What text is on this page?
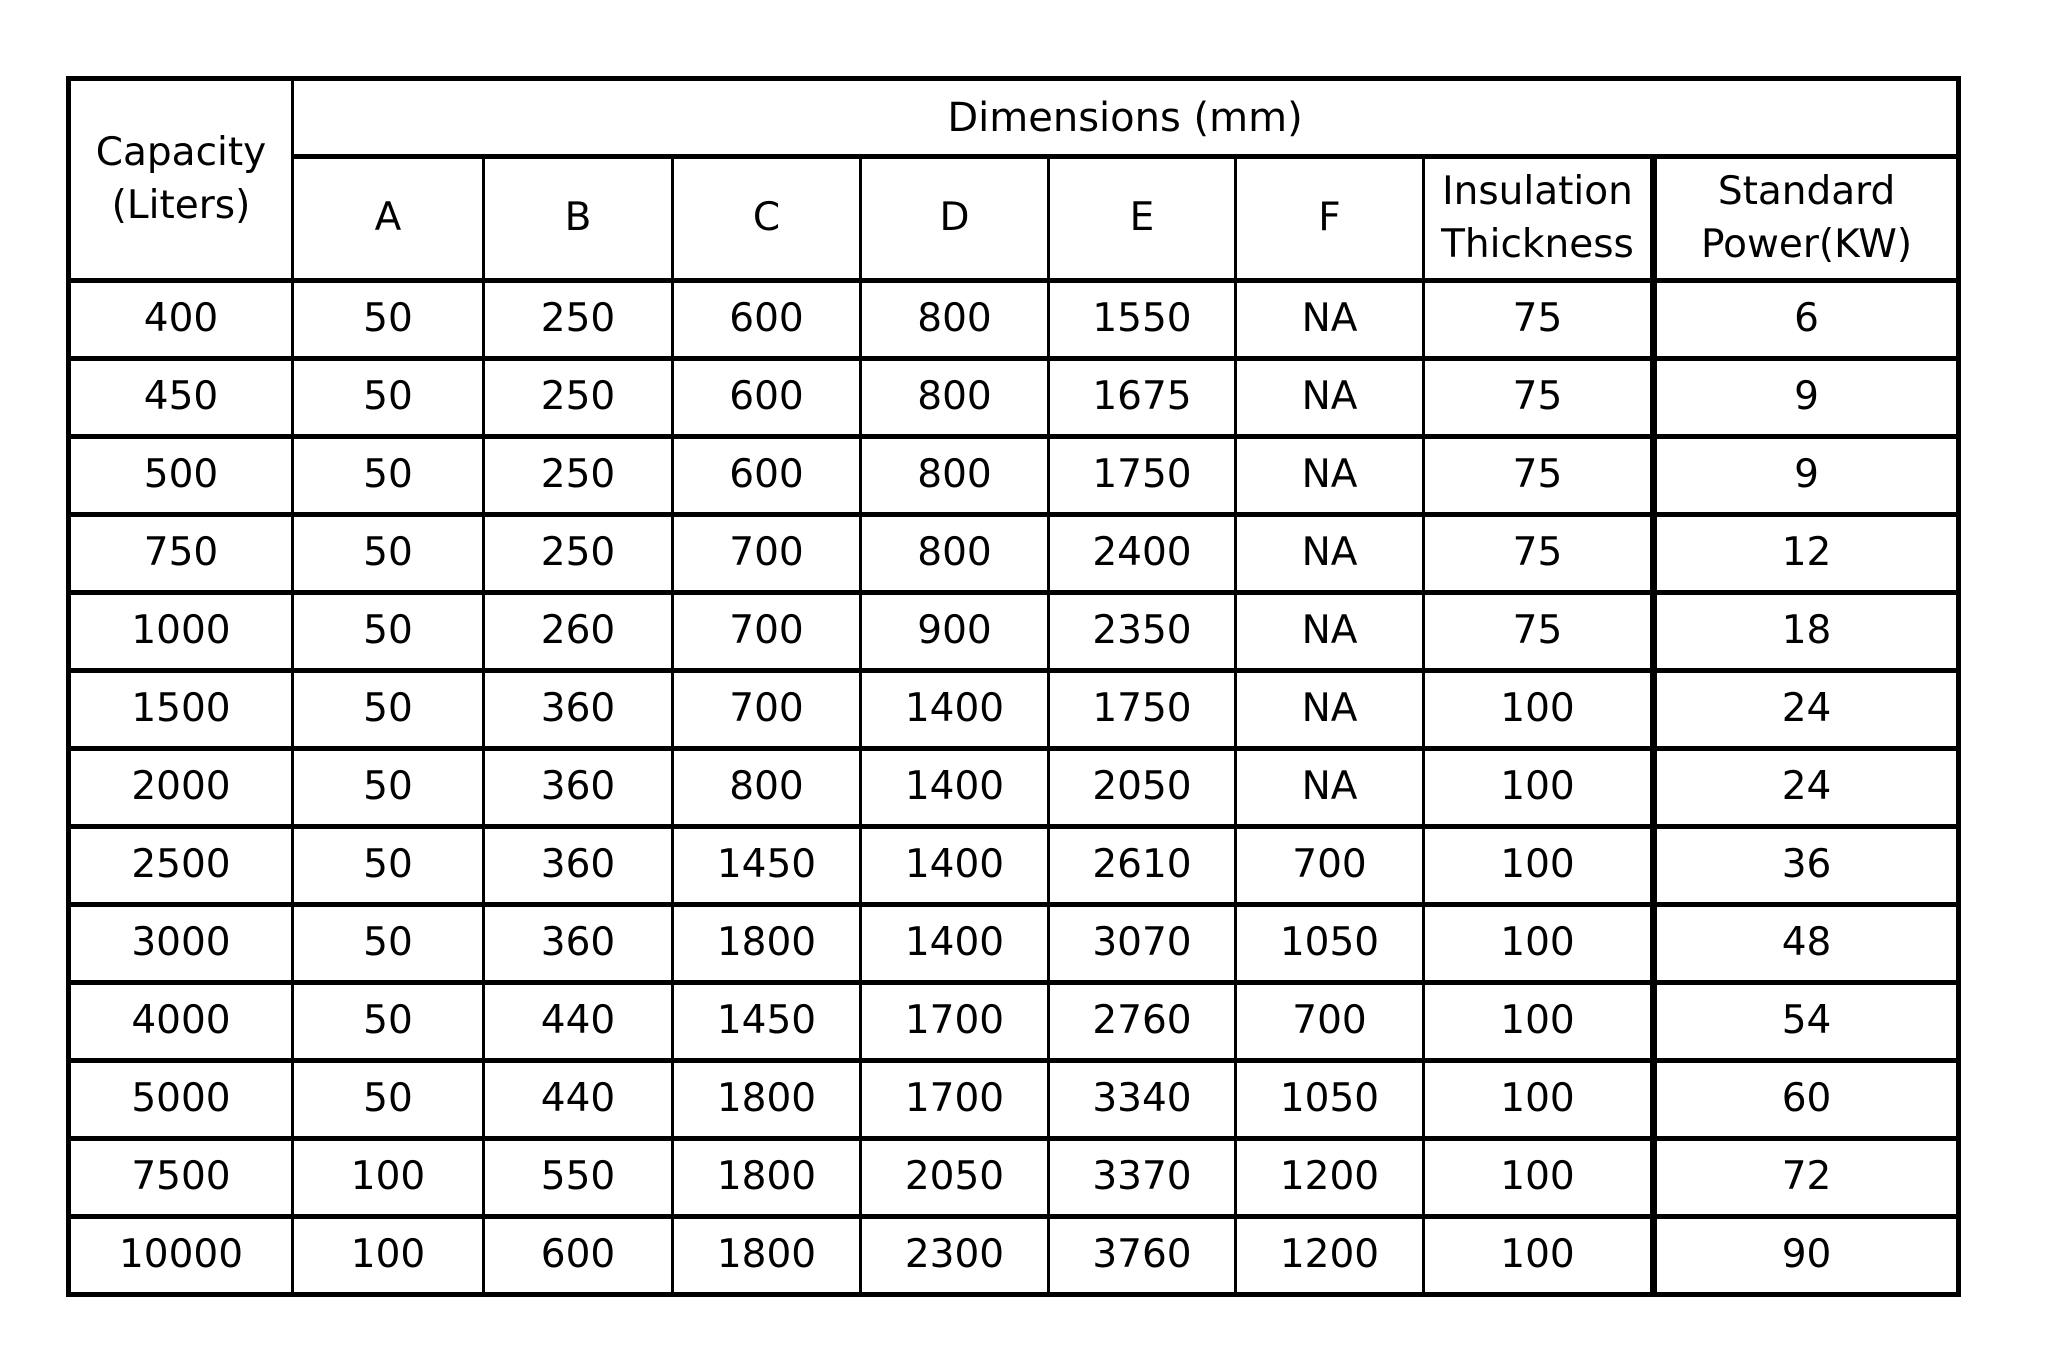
Capacity (Liters)	Dimensions (mm)							
	A	B	C	D	E	F	Insulation Thickness	Standard Power(KW)
400	50	250	600	800	1550	NA	75	6
450	50	250	600	800	1675	NA	75	9
500	50	250	600	800	1750	NA	75	9
750	50	250	700	800	2400	NA	75	12
1000	50	260	700	900	2350	NA	75	18
1500	50	360	700	1400	1750	NA	100	24
2000	50	360	800	1400	2050	NA	100	24
2500	50	360	1450	1400	2610	700	100	36
3000	50	360	1800	1400	3070	1050	100	48
4000	50	440	1450	1700	2760	700	100	54
5000	50	440	1800	1700	3340	1050	100	60
7500	100	550	1800	2050	3370	1200	100	72
10000	100	600	1800	2300	3760	1200	100	90
